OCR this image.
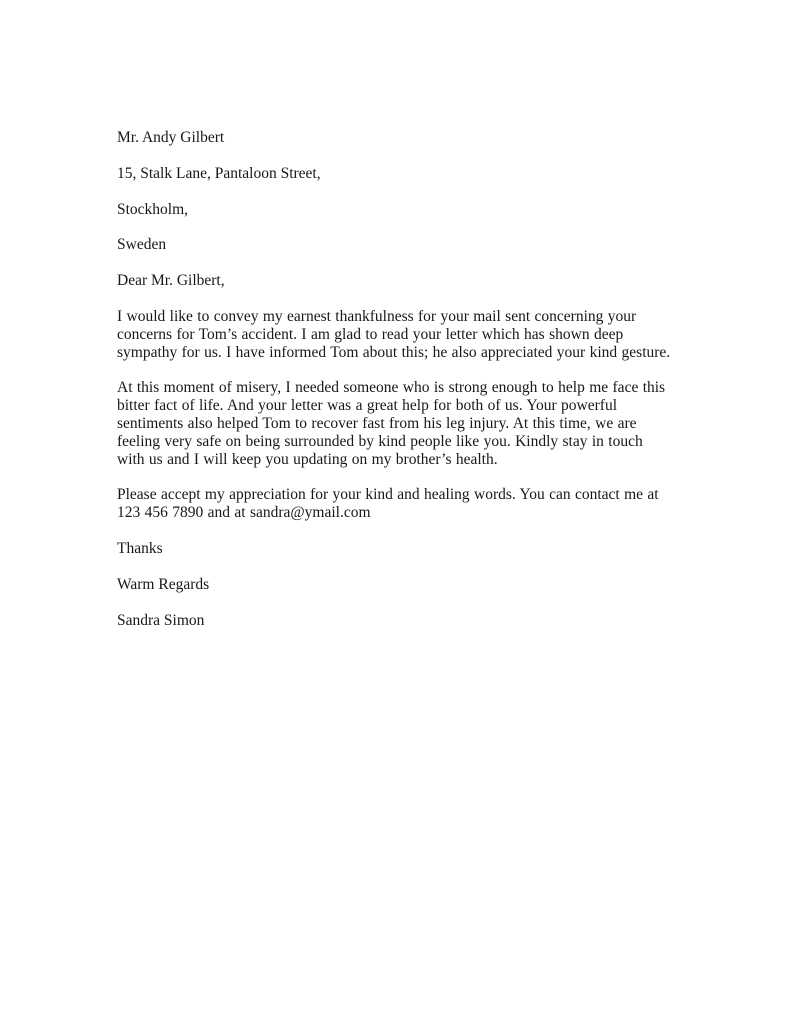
Mr. Andy Gilbert

15, Stalk Lane, Pantaloon Street,

Stockholm,

Sweden

Dear Mr. Gilbert,

I would like to convey my earnest thankfulness for your mail sent concerning your concerns for Tom’s accident. I am glad to read your letter which has shown deep sympathy for us. I have informed Tom about this; he also appreciated your kind gesture.

At this moment of misery, I needed someone who is strong enough to help me face this bitter fact of life. And your letter was a great help for both of us. Your powerful sentiments also helped Tom to recover fast from his leg injury. At this time, we are feeling very safe on being surrounded by kind people like you. Kindly stay in touch with us and I will keep you updating on my brother’s health.

Please accept my appreciation for your kind and healing words. You can contact me at 123 456 7890 and at sandra@ymail.com

Thanks

Warm Regards

Sandra Simon
